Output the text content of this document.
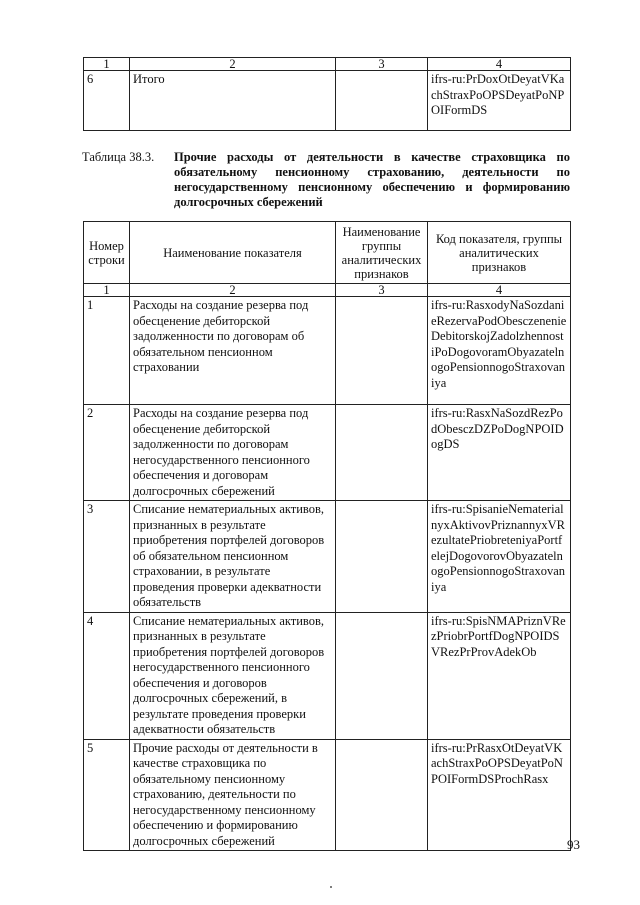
1	2	3	4
6	Итого		ifrs-ru:PrDoxOtDeyatVKachStraxPoOPSDeyatPoNPOIFormDS
Таблица 38.3. Прочие расходы от деятельности в качестве страховщика по обязательному пенсионному страхованию, деятельности по негосударственному пенсионному обеспечению и формированию долгосрочных сбережений
Номер строки	Наименование показателя	Наименование группы аналитических признаков	Код показателя, группы аналитических признаков
1	2	3	4
1	Расходы на создание резерва под обесценение дебиторской задолженности по договорам об обязательном пенсионном страховании		ifrs-ru:RasxodyNaSozdanieRezervaPodObesczenenieDebitorskojZadolzhennostiPoDogovoramObyazatelnogoPensionnogoStraxovaniya
2	Расходы на создание резерва под обесценение дебиторской задолженности по договорам негосударственного пенсионного обеспечения и договорам долгосрочных сбережений		ifrs-ru:RasxNaSozdRezPodObesczDZPoDogNPOIDogDS
3	Списание нематериальных активов, признанных в результате приобретения портфелей договоров об обязательном пенсионном страховании, в результате проведения проверки адекватности обязательств		ifrs-ru:SpisanieNematerialnyxAktivovPriznannyxVRezultatePriobreteniyaPortfelejDogovorovObyazatelnogoPensionnogoStraxovaniya
4	Списание нематериальных активов, признанных в результате приобретения портфелей договоров негосударственного пенсионного обеспечения и договоров долгосрочных сбережений, в результате проведения проверки адекватности обязательств		ifrs-ru:SpisNMAPriznVRezPriobrPortfDogNPOIDSVRezPrProvAdekOb
5	Прочие расходы от деятельности в качестве страховщика по обязательному пенсионному страхованию, деятельности по негосударственному пенсионному обеспечению и формированию долгосрочных сбережений		ifrs-ru:PrRasxOtDeyatVKachStraxPoOPSDeyatPoNPOIFormDSProchRasx
93
